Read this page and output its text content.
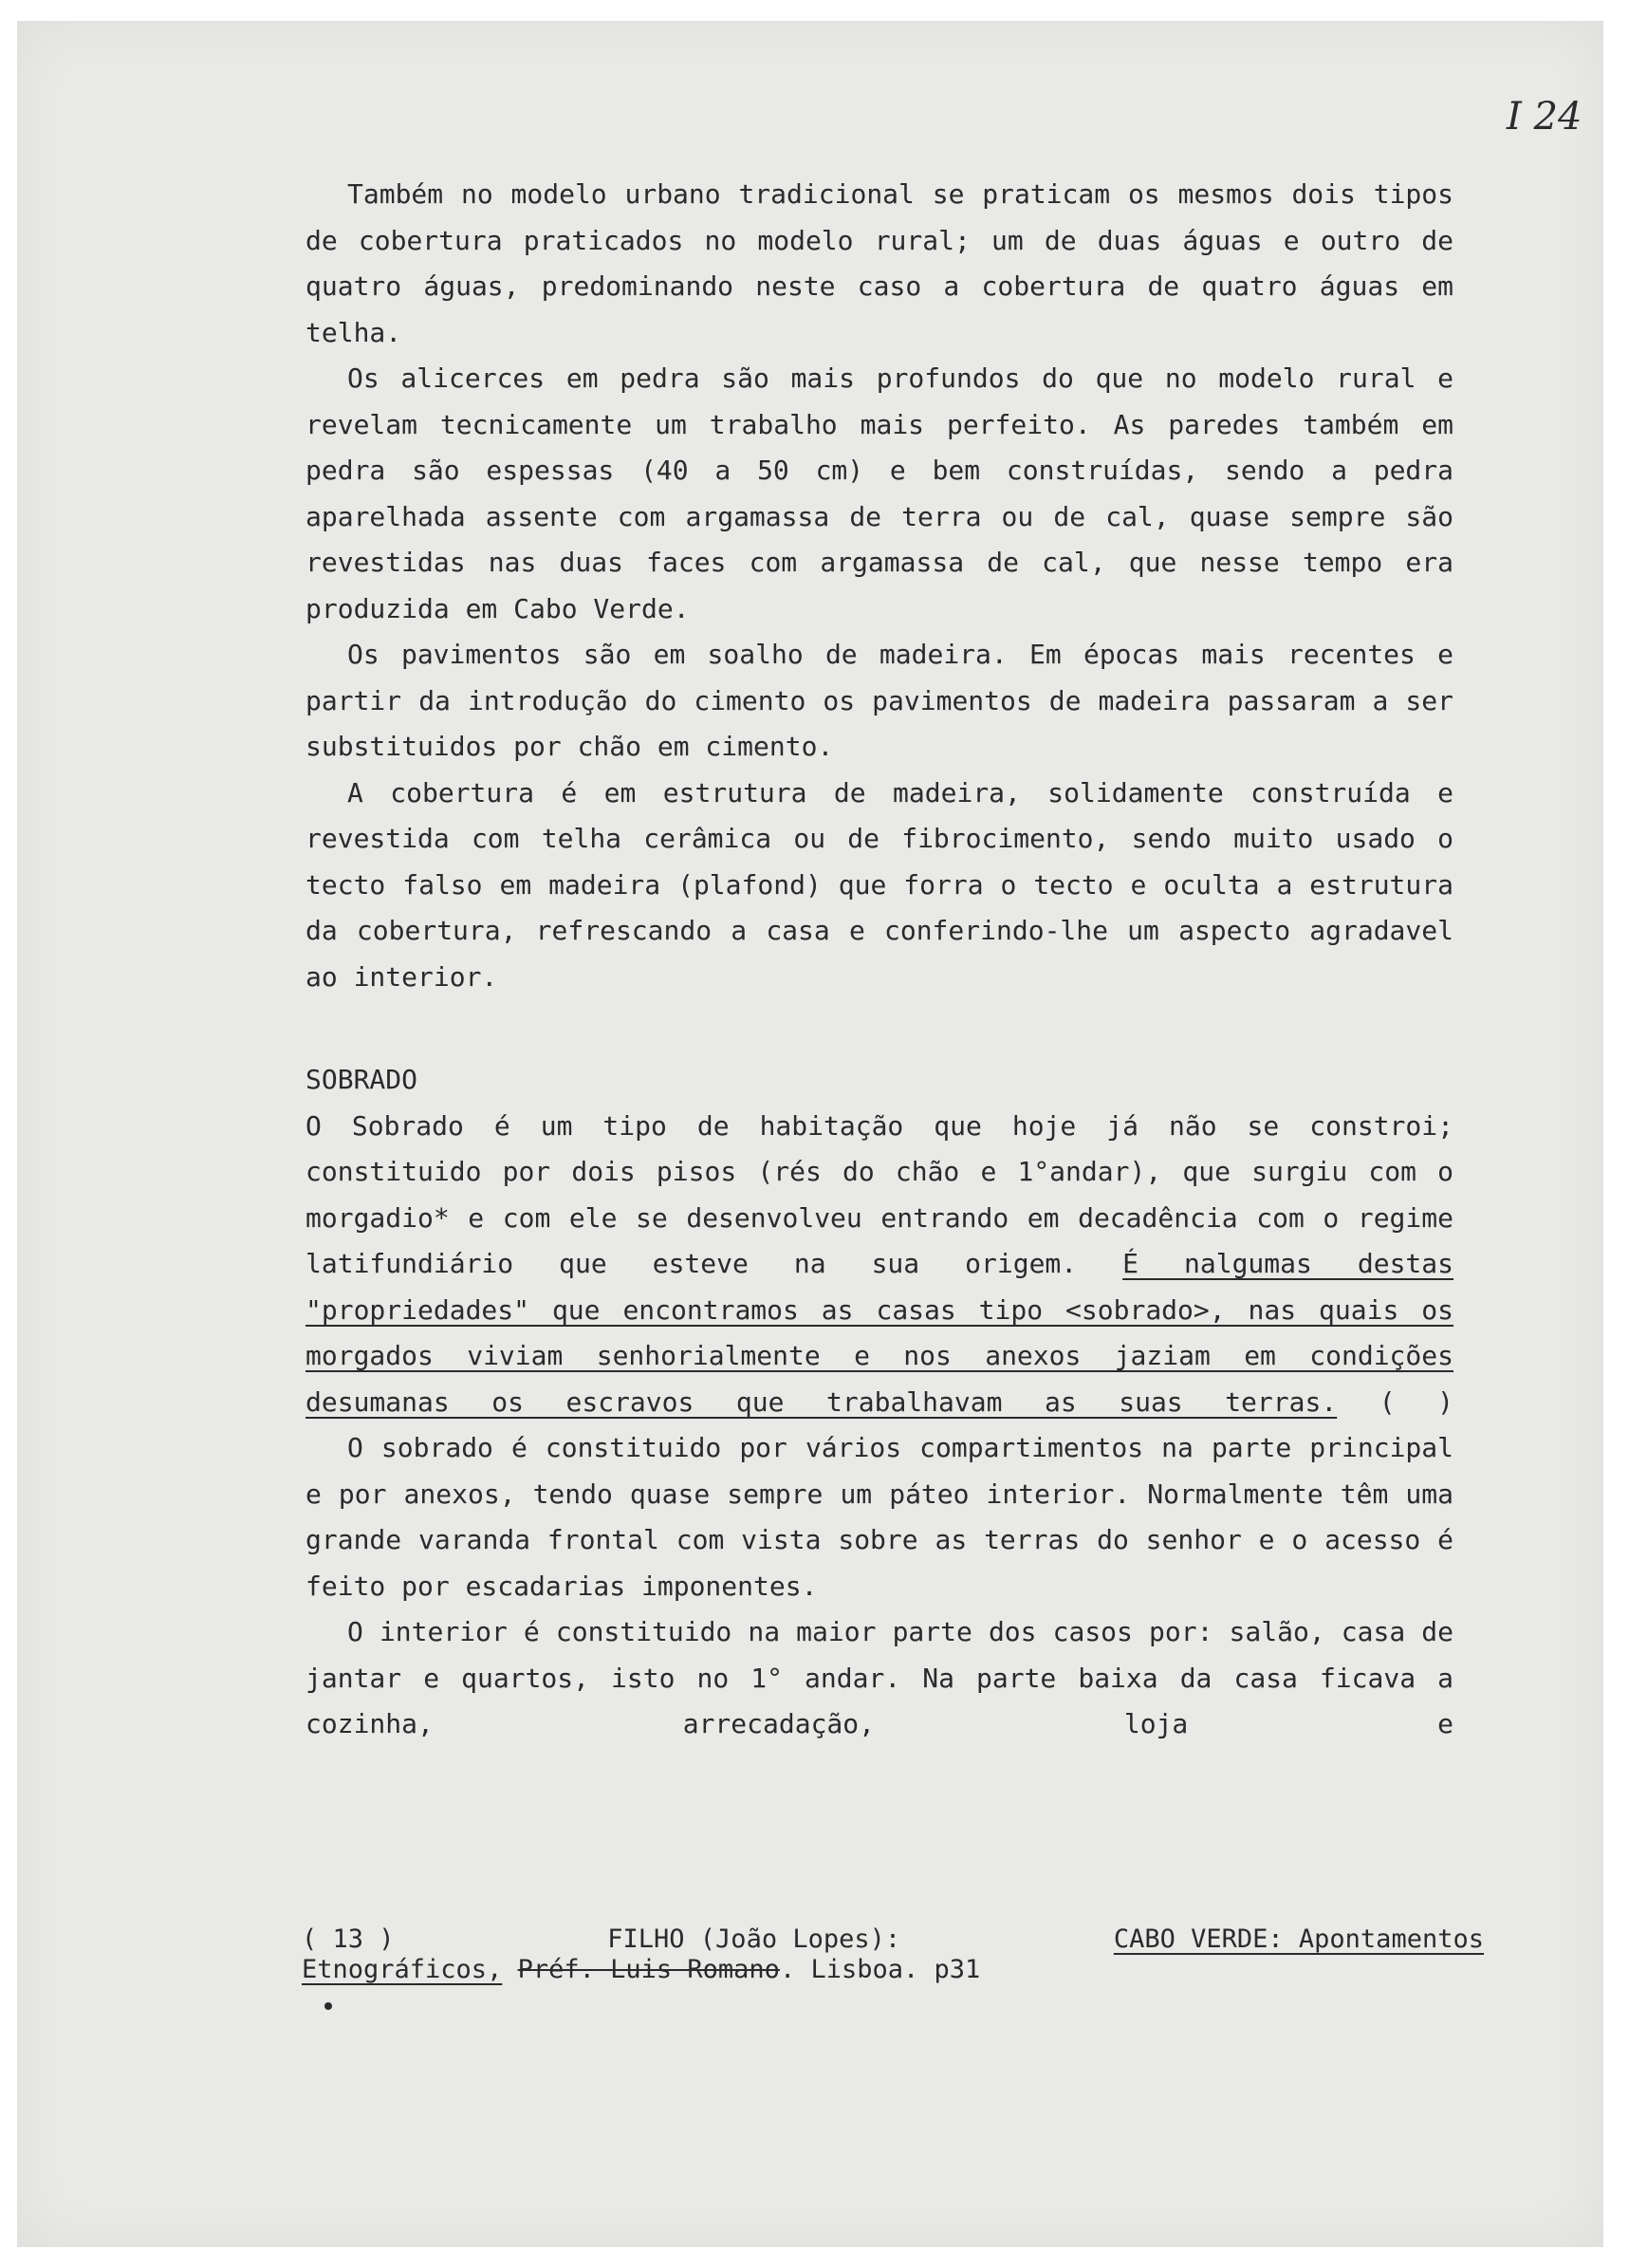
I 24

Também no modelo urbano tradicional se praticam os mesmos dois tipos de cobertura praticados no modelo rural; um de duas águas e outro de quatro águas, predominando neste caso a cobertura de quatro águas em telha.

Os alicerces em pedra são mais profundos do que no modelo rural e revelam tecnicamente um trabalho mais perfeito. As paredes também em pedra são espessas (40 a 50 cm) e bem construídas, sendo a pedra aparelhada assente com argamassa de terra ou de cal, quase sempre são revestidas nas duas faces com argamassa de cal, que nesse tempo era produzida em Cabo Verde.

Os pavimentos são em soalho de madeira. Em épocas mais recentes e partir da introdução do cimento os pavimentos de madeira passaram a ser substituidos por chão em cimento.

A cobertura é em estrutura de madeira, solidamente construída e revestida com telha cerâmica ou de fibrocimento, sendo muito usado o tecto falso em madeira (plafond) que forra o tecto e oculta a estrutura da cobertura, refrescando a casa e conferindo-lhe um aspecto agradavel ao interior.

SOBRADO

O Sobrado é um tipo de habitação que hoje já não se constroi; constituido por dois pisos (rés do chão e 1°andar), que surgiu com o morgadio* e com ele se desenvolveu entrando em decadência com o regime latifundiário que esteve na sua origem. É nalgumas destas "propriedades" que encontramos as casas tipo <sobrado>, nas quais os morgados viviam senhorialmente e nos anexos jaziam em condições desumanas os escravos que trabalhavam as suas terras. ( )

O sobrado é constituido por vários compartimentos na parte principal e por anexos, tendo quase sempre um páteo interior. Normalmente têm uma grande varanda frontal com vista sobre as terras do senhor e o acesso é feito por escadarias imponentes.

O interior é constituido na maior parte dos casos por: salão, casa de jantar e quartos, isto no 1° andar. Na parte baixa da casa ficava a cozinha, arrecadação, loja e

( 13 )	FILHO (João Lopes):	CABO VERDE: Apontamentos
Etnográficos, Préf. Luis Romano. Lisboa. p31
